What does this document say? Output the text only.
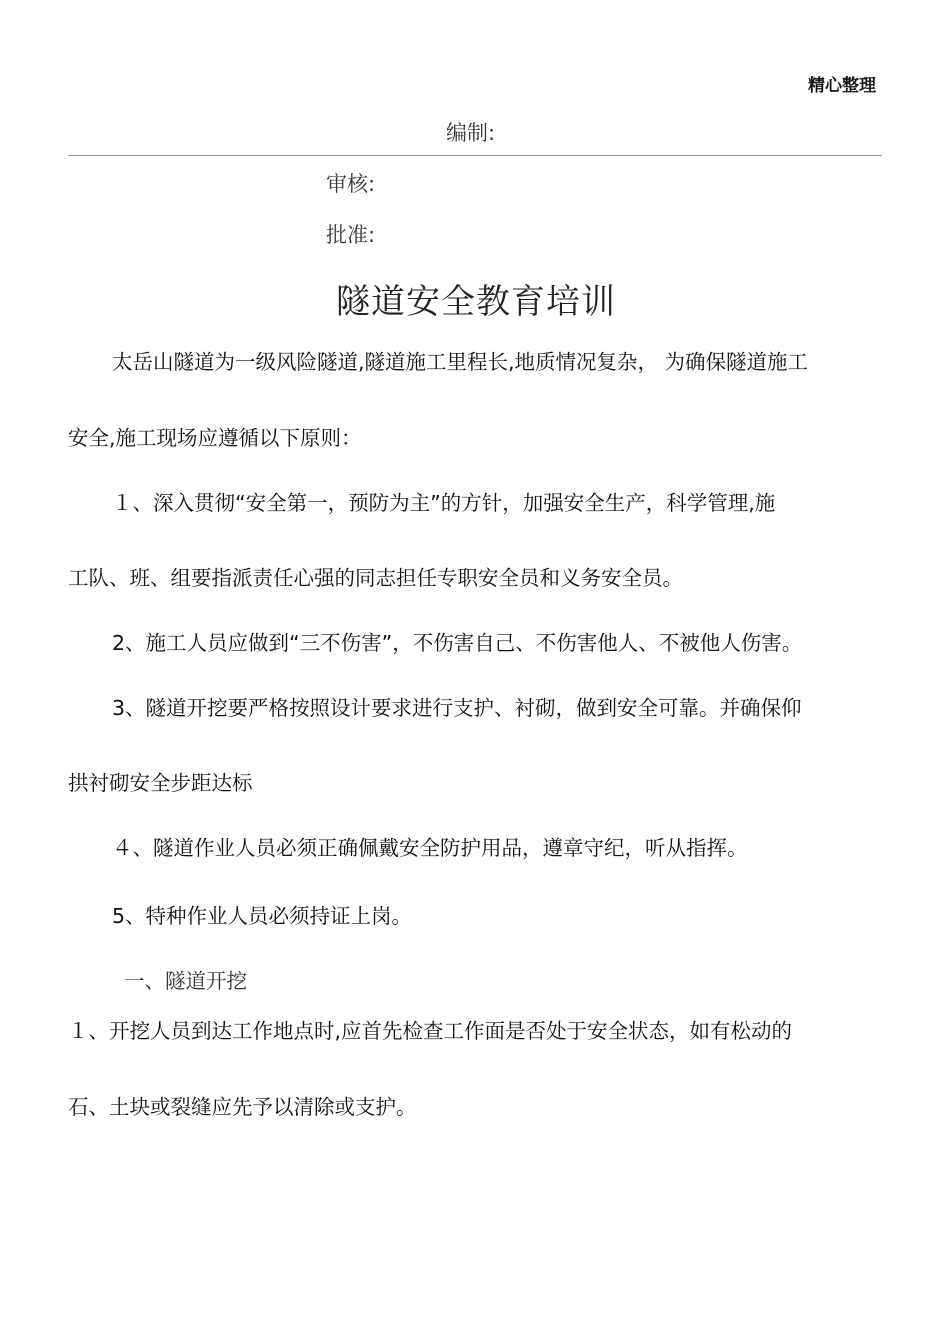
精心整理
编制:
审核:
批准:
隧道安全教育培训
太岳山隧道为一级风险隧道,隧道施工里程长,地质情况复杂， 为确保隧道施工
安全,施工现场应遵循以下原则：
１、深入贯彻“安全第一，预防为主”的方针，加强安全生产，科学管理,施
工队、班、组要指派责任心强的同志担任专职安全员和义务安全员。
2、施工人员应做到“三不伤害”，不伤害自己、不伤害他人、不被他人伤害。
3、隧道开挖要严格按照设计要求进行支护、衬砌，做到安全可靠。并确保仰
拱衬砌安全步距达标
４、隧道作业人员必须正确佩戴安全防护用品，遵章守纪，听从指挥。
5、特种作业人员必须持证上岗。
一、隧道开挖
１、开挖人员到达工作地点时,应首先检查工作面是否处于安全状态，如有松动的
石、土块或裂缝应先予以清除或支护。
